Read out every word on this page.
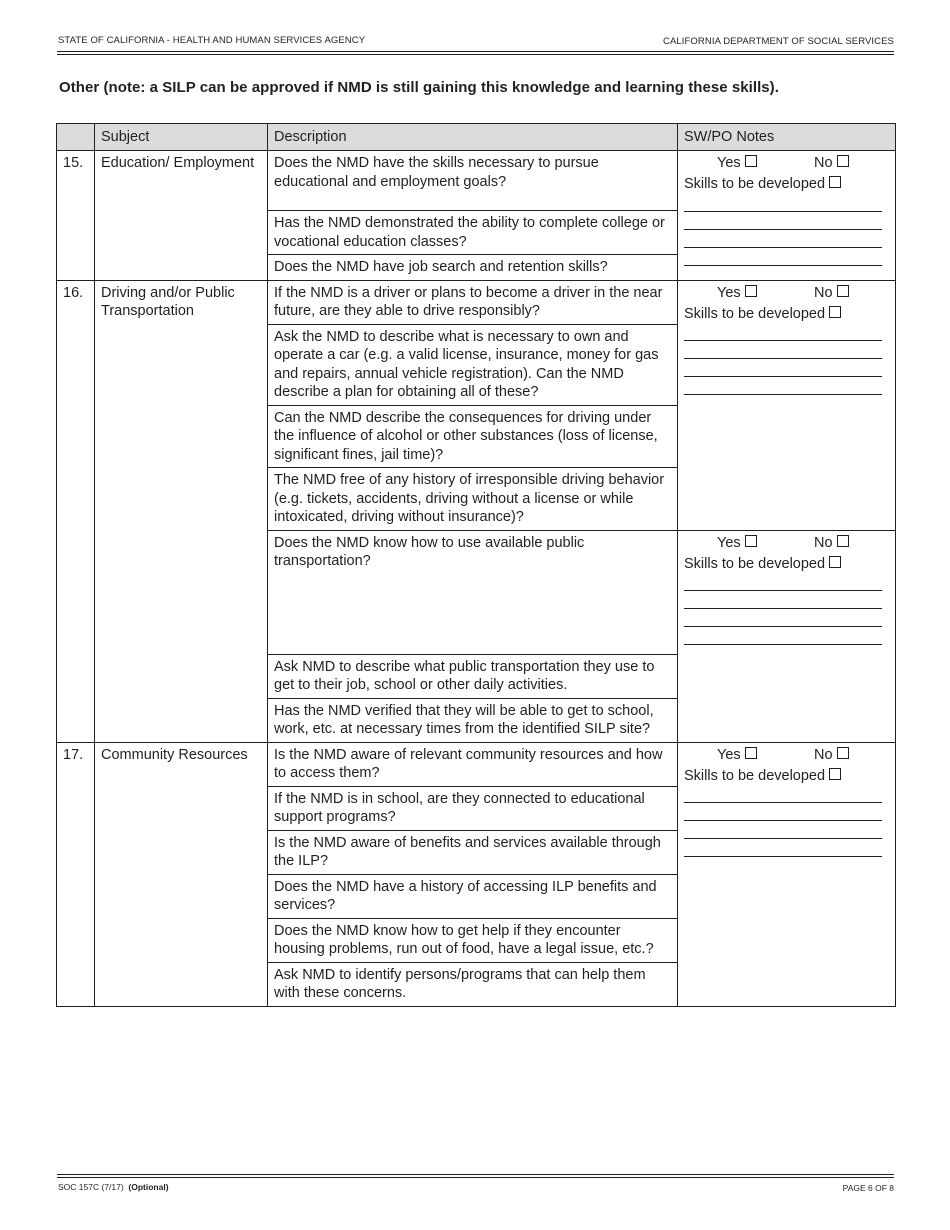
STATE OF CALIFORNIA - HEALTH AND HUMAN SERVICES AGENCY	CALIFORNIA DEPARTMENT OF SOCIAL SERVICES
Other (note: a SILP can be approved if NMD is still gaining this knowledge and learning these skills).
	Subject	Description	SW/PO Notes
15.	Education/ Employment	Does the NMD have the skills necessary to pursue educational and employment goals?	Yes No
Skills to be developed

		Has the NMD demonstrated the ability to complete college or vocational education classes?	
		Does the NMD have job search and retention skills?	
16.	Driving and/or Public Transportation	If the NMD is a driver or plans to become a driver in the near future, are they able to drive responsibly?	Yes No
Skills to be developed

		Ask the NMD to describe what is necessary to own and operate a car (e.g. a valid license, insurance, money for gas and repairs, annual vehicle registration). Can the NMD describe a plan for obtaining all of these?	
		Can the NMD describe the consequences for driving under the influence of alcohol or other substances (loss of license, significant fines, jail time)?	
		The NMD free of any history of irresponsible driving behavior (e.g. tickets, accidents, driving without a license or while intoxicated, driving without insurance)?	
		Does the NMD know how to use available public transportation?	Yes No
Skills to be developed

		Ask NMD to describe what public transportation they use to get to their job, school or other daily activities.	
		Has the NMD verified that they will be able to get to school, work, etc. at necessary times from the identified SILP site?	
17.	Community Resources	Is the NMD aware of relevant community resources and how to access them?	Yes No
Skills to be developed

		If the NMD is in school, are they connected to educational support programs?	
		Is the NMD aware of benefits and services available through the ILP?	
		Does the NMD have a history of accessing ILP benefits and services?	
		Does the NMD know how to get help if they encounter housing problems, run out of food, have a legal issue, etc.?	
		Ask NMD to identify persons/programs that can help them with these concerns.	
SOC 157C (7/17) (Optional)	PAGE 6 OF 8
